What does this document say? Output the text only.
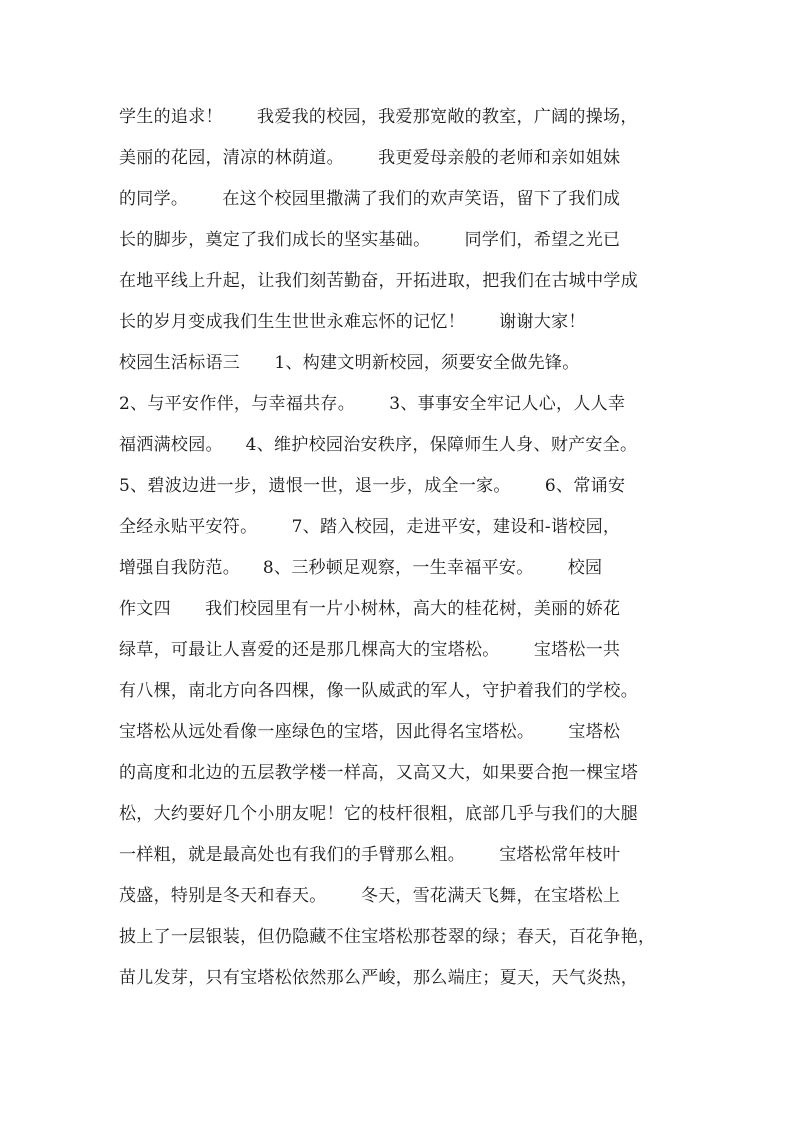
学生的追求！      我爱我的校园，我爱那宽敞的教室，广阔的操场，
美丽的花园，清凉的林荫道。      我更爱母亲般的老师和亲如姐妹
的同学。      在这个校园里撒满了我们的欢声笑语，留下了我们成
长的脚步，奠定了我们成长的坚实基础。      同学们，希望之光已
在地平线上升起，让我们刻苦勤奋，开拓进取，把我们在古城中学成
长的岁月变成我们生生世世永难忘怀的记忆！      谢谢大家！
校园生活标语三      1、构建文明新校园，须要安全做先锋。
2、与平安作伴，与幸福共存。      3、事事安全牢记人心，人人幸
福洒满校园。    4、维护校园治安秩序，保障师生人身、财产安全。
5、碧波边进一步，遗恨一世，退一步，成全一家。      6、常诵安
全经永贴平安符。      7、踏入校园，走进平安，建设和-谐校园，
增强自我防范。    8、三秒顿足观察，一生幸福平安。      校园
作文四      我们校园里有一片小树林，高大的桂花树，美丽的娇花
绿草，可最让人喜爱的还是那几棵高大的宝塔松。      宝塔松一共
有八棵，南北方向各四棵，像一队威武的军人，守护着我们的学校。
宝塔松从远处看像一座绿色的宝塔，因此得名宝塔松。      宝塔松
的高度和北边的五层教学楼一样高，又高又大，如果要合抱一棵宝塔
松，大约要好几个小朋友呢！它的枝杆很粗，底部几乎与我们的大腿
一样粗，就是最高处也有我们的手臂那么粗。      宝塔松常年枝叶
茂盛，特别是冬天和春天。      冬天，雪花满天飞舞，在宝塔松上
披上了一层银装，但仍隐藏不住宝塔松那苍翠的绿；春天，百花争艳，
苗儿发芽，只有宝塔松依然那么严峻，那么端庄；夏天，天气炎热，
